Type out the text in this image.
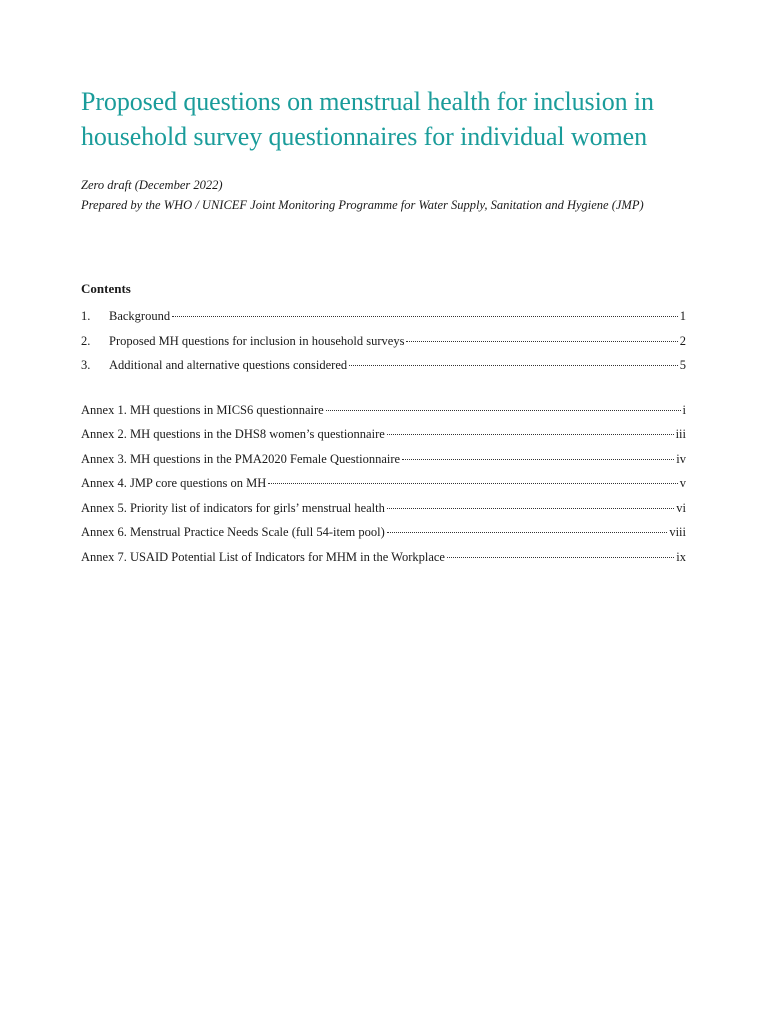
Proposed questions on menstrual health for inclusion in household survey questionnaires for individual women
Zero draft (December 2022)
Prepared by the WHO / UNICEF Joint Monitoring Programme for Water Supply, Sanitation and Hygiene (JMP)
Contents
1.	Background	1
2.	Proposed MH questions for inclusion in household surveys	2
3.	Additional and alternative questions considered	5
Annex 1. MH questions in MICS6 questionnaire	i
Annex 2. MH questions in the DHS8 women’s questionnaire	iii
Annex 3. MH questions in the PMA2020 Female Questionnaire	iv
Annex 4. JMP core questions on MH	v
Annex 5. Priority list of indicators for girls’ menstrual health	vi
Annex 6. Menstrual Practice Needs Scale (full 54-item pool)	viii
Annex 7. USAID Potential List of Indicators for MHM in the Workplace	ix
